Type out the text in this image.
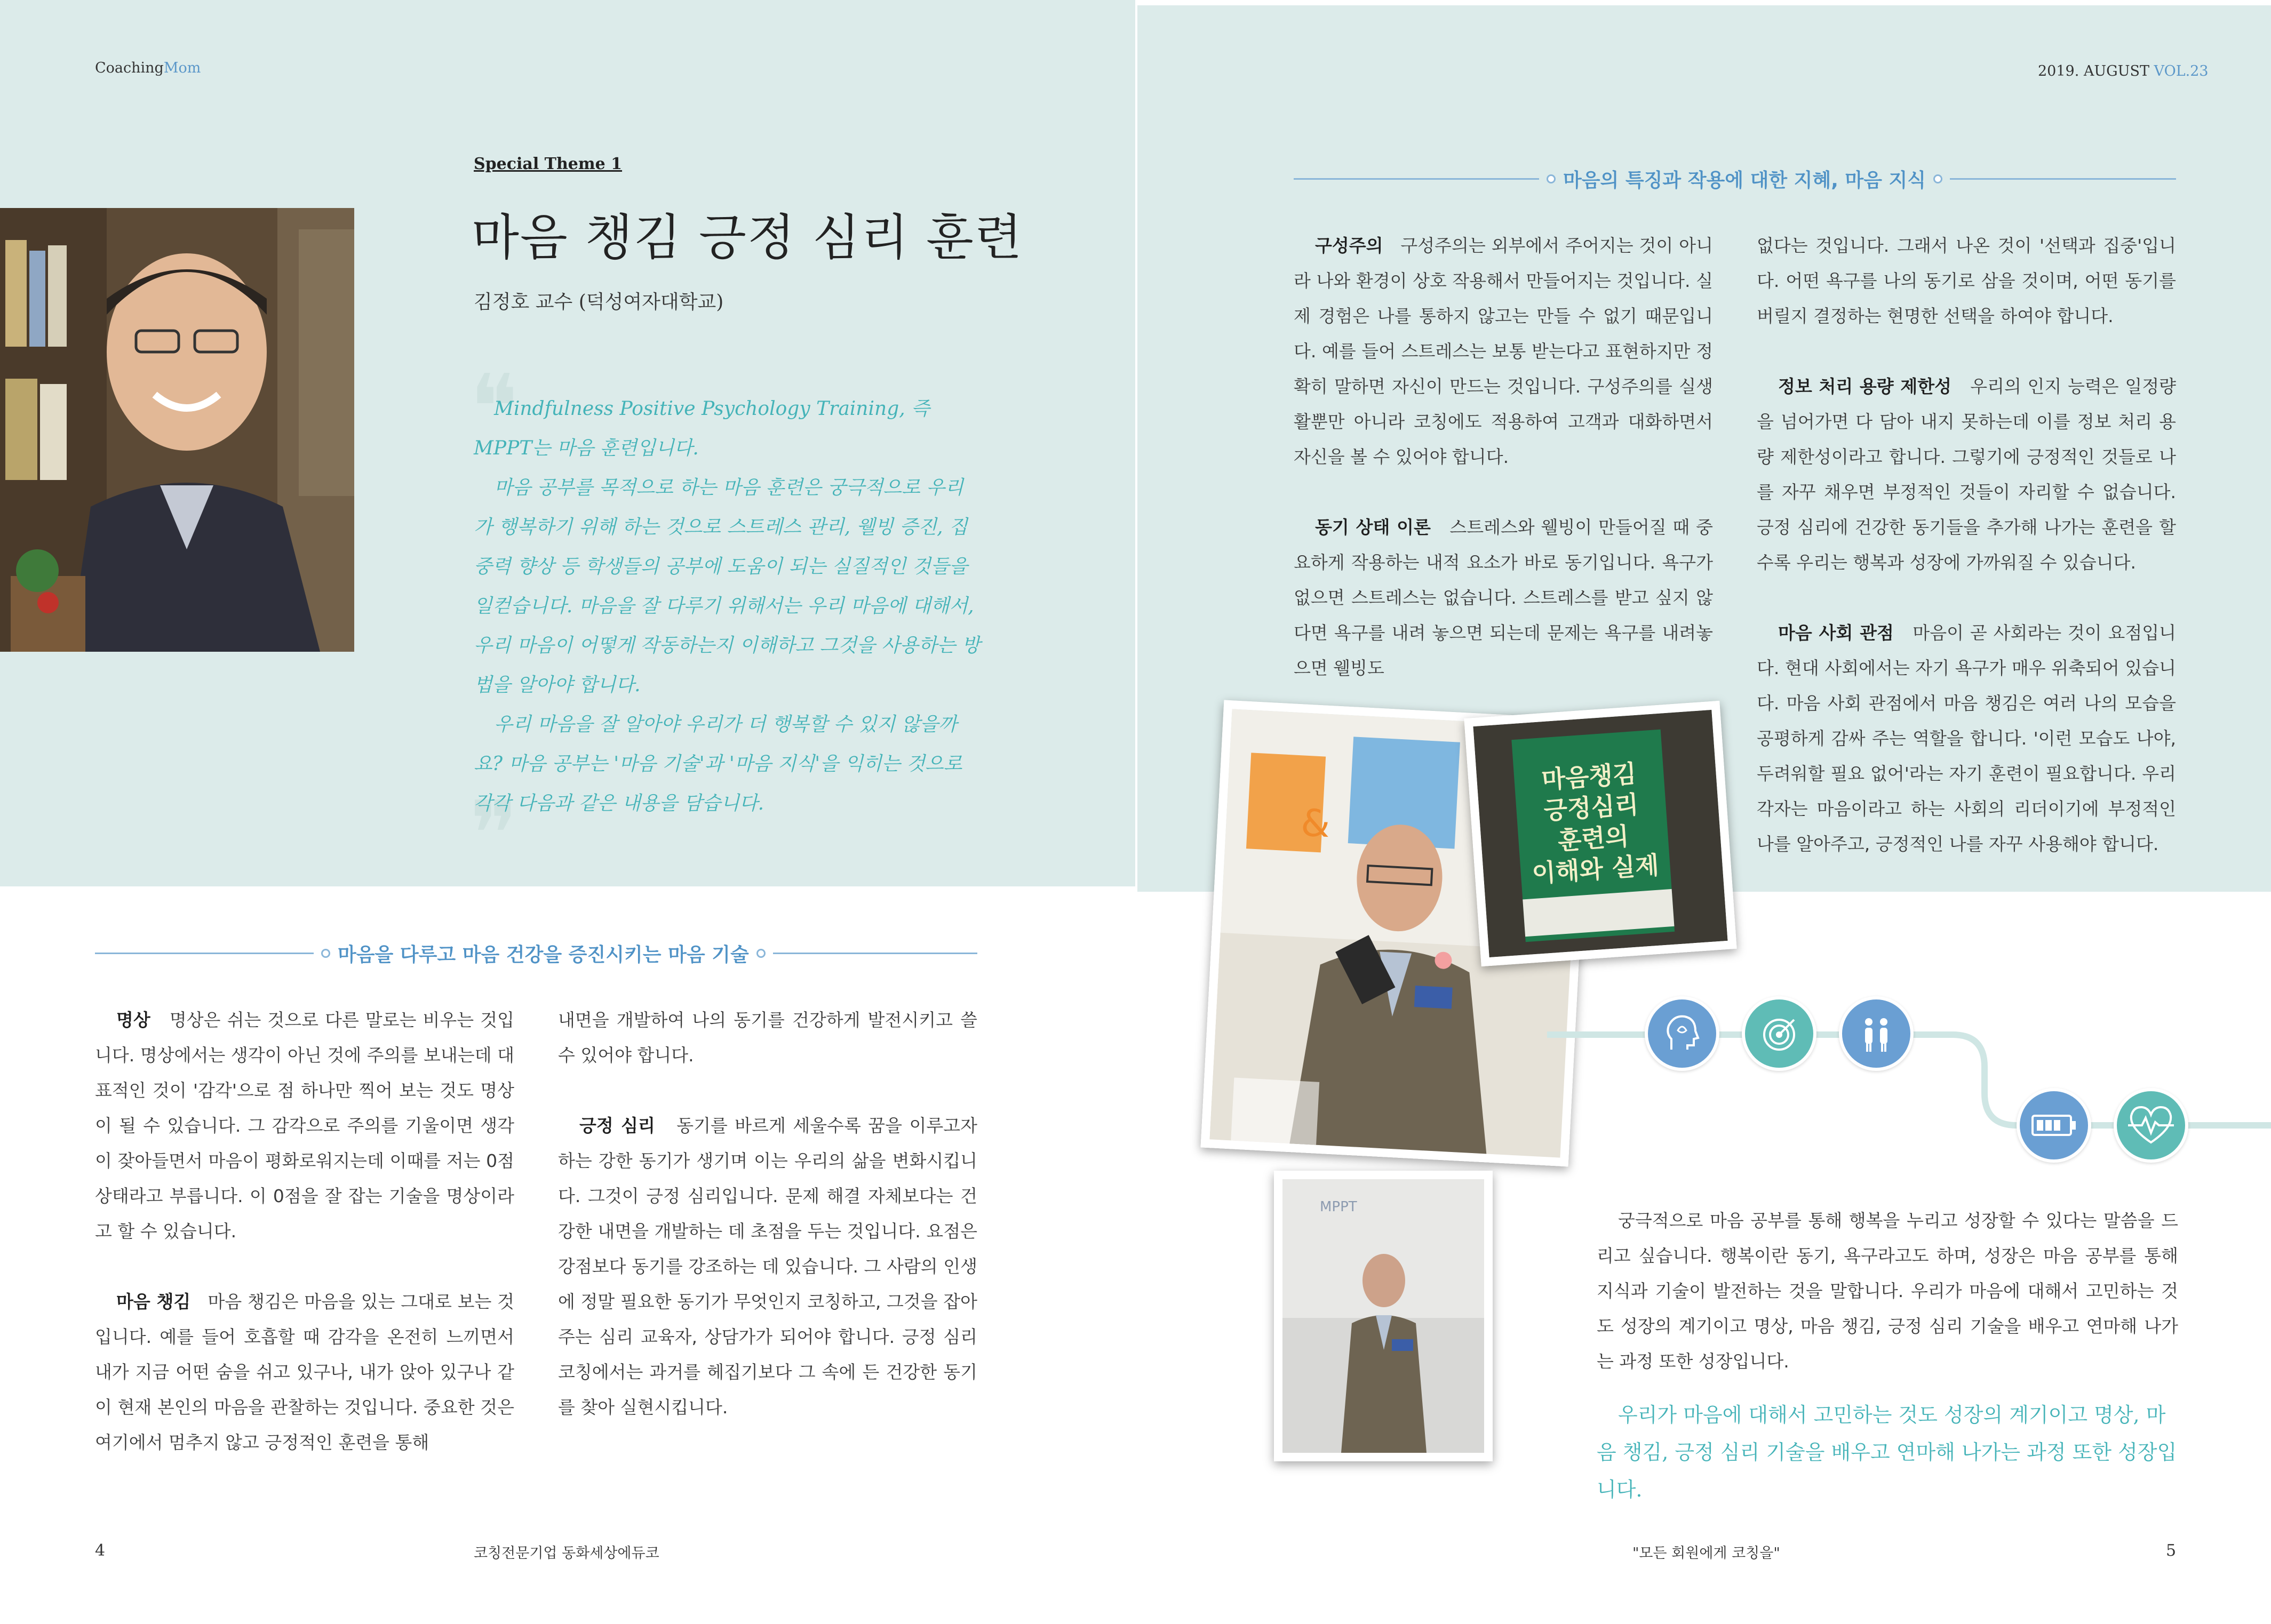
CoachingMom
Special Theme 1
마음 챙김 긍정 심리 훈련
김정호 교수 (덕성여자대학교)
❝
❞

Mindfulness Positive Psychology Training, 즉 MPPT는 마음 훈련입니다.

마음 공부를 목적으로 하는 마음 훈련은 궁극적으로 우리가 행복하기 위해 하는 것으로 스트레스 관리, 웰빙 증진, 집중력 향상 등 학생들의 공부에 도움이 되는 실질적인 것들을 일컫습니다. 마음을 잘 다루기 위해서는 우리 마음에 대해서, 우리 마음이 어떻게 작동하는지 이해하고 그것을 사용하는 방법을 알아야 합니다.

우리 마음을 잘 알아야 우리가 더 행복할 수 있지 않을까요? 마음 공부는 '마음 기술'과 '마음 지식'을 익히는 것으로 각각 다음과 같은 내용을 담습니다.

마음을 다루고 마음 건강을 증진시키는 마음 기술

명상 명상은 쉬는 것으로 다른 말로는 비우는 것입니다. 명상에서는 생각이 아닌 것에 주의를 보내는데 대표적인 것이 '감각'으로 점 하나만 찍어 보는 것도 명상이 될 수 있습니다. 그 감각으로 주의를 기울이면 생각이 잦아들면서 마음이 평화로워지는데 이때를 저는 0점 상태라고 부릅니다. 이 0점을 잘 잡는 기술을 명상이라고 할 수 있습니다.

마음 챙김 마음 챙김은 마음을 있는 그대로 보는 것입니다. 예를 들어 호흡할 때 감각을 온전히 느끼면서 내가 지금 어떤 숨을 쉬고 있구나, 내가 앉아 있구나 같이 현재 본인의 마음을 관찰하는 것입니다. 중요한 것은 여기에서 멈추지 않고 긍정적인 훈련을 통해

내면을 개발하여 나의 동기를 건강하게 발전시키고 쓸 수 있어야 합니다.

긍정 심리 동기를 바르게 세울수록 꿈을 이루고자 하는 강한 동기가 생기며 이는 우리의 삶을 변화시킵니다. 그것이 긍정 심리입니다. 문제 해결 자체보다는 건강한 내면을 개발하는 데 초점을 두는 것입니다. 요점은 강점보다 동기를 강조하는 데 있습니다. 그 사람의 인생에 정말 필요한 동기가 무엇인지 코칭하고, 그것을 잡아 주는 심리 교육자, 상담가가 되어야 합니다. 긍정 심리 코칭에서는 과거를 헤집기보다 그 속에 든 건강한 동기를 찾아 실현시킵니다.

4	코칭전문기업 동화세상에듀코
2019. AUGUST VOL.23
마음의 특징과 작용에 대한 지혜, 마음 지식

구성주의 구성주의는 외부에서 주어지는 것이 아니라 나와 환경이 상호 작용해서 만들어지는 것입니다. 실제 경험은 나를 통하지 않고는 만들 수 없기 때문입니다. 예를 들어 스트레스는 보통 받는다고 표현하지만 정확히 말하면 자신이 만드는 것입니다. 구성주의를 실생활뿐만 아니라 코칭에도 적용하여 고객과 대화하면서 자신을 볼 수 있어야 합니다.

동기 상태 이론 스트레스와 웰빙이 만들어질 때 중요하게 작용하는 내적 요소가 바로 동기입니다. 욕구가 없으면 스트레스는 없습니다. 스트레스를 받고 싶지 않다면 욕구를 내려 놓으면 되는데 문제는 욕구를 내려놓으면 웰빙도

없다는 것입니다. 그래서 나온 것이 '선택과 집중'입니다. 어떤 욕구를 나의 동기로 삼을 것이며, 어떤 동기를 버릴지 결정하는 현명한 선택을 하여야 합니다.

정보 처리 용량 제한성 우리의 인지 능력은 일정량을 넘어가면 다 담아 내지 못하는데 이를 정보 처리 용량 제한성이라고 합니다. 그렇기에 긍정적인 것들로 나를 자꾸 채우면 부정적인 것들이 자리할 수 없습니다. 긍정 심리에 건강한 동기들을 추가해 나가는 훈련을 할수록 우리는 행복과 성장에 가까워질 수 있습니다.

마음 사회 관점 마음이 곧 사회라는 것이 요점입니다. 현대 사회에서는 자기 욕구가 매우 위축되어 있습니다. 마음 사회 관점에서 마음 챙김은 여러 나의 모습을 공평하게 감싸 주는 역할을 합니다. '이런 모습도 나야, 두려워할 필요 없어'라는 자기 훈련이 필요합니다. 우리 각자는 마음이라고 하는 사회의 리더이기에 부정적인 나를 알아주고, 긍정적인 나를 자꾸 사용해야 합니다.

&
마음챙김
긍정심리
훈련의
이해와 실제
MPPT

궁극적으로 마음 공부를 통해 행복을 누리고 성장할 수 있다는 말씀을 드리고 싶습니다. 행복이란 동기, 욕구라고도 하며, 성장은 마음 공부를 통해 지식과 기술이 발전하는 것을 말합니다. 우리가 마음에 대해서 고민하는 것도 성장의 계기이고 명상, 마음 챙김, 긍정 심리 기술을 배우고 연마해 나가는 과정 또한 성장입니다.

우리가 마음에 대해서 고민하는 것도 성장의 계기이고 명상, 마음 챙김, 긍정 심리 기술을 배우고 연마해 나가는 과정 또한 성장입니다.
"모든 회원에게 코칭을"	5
